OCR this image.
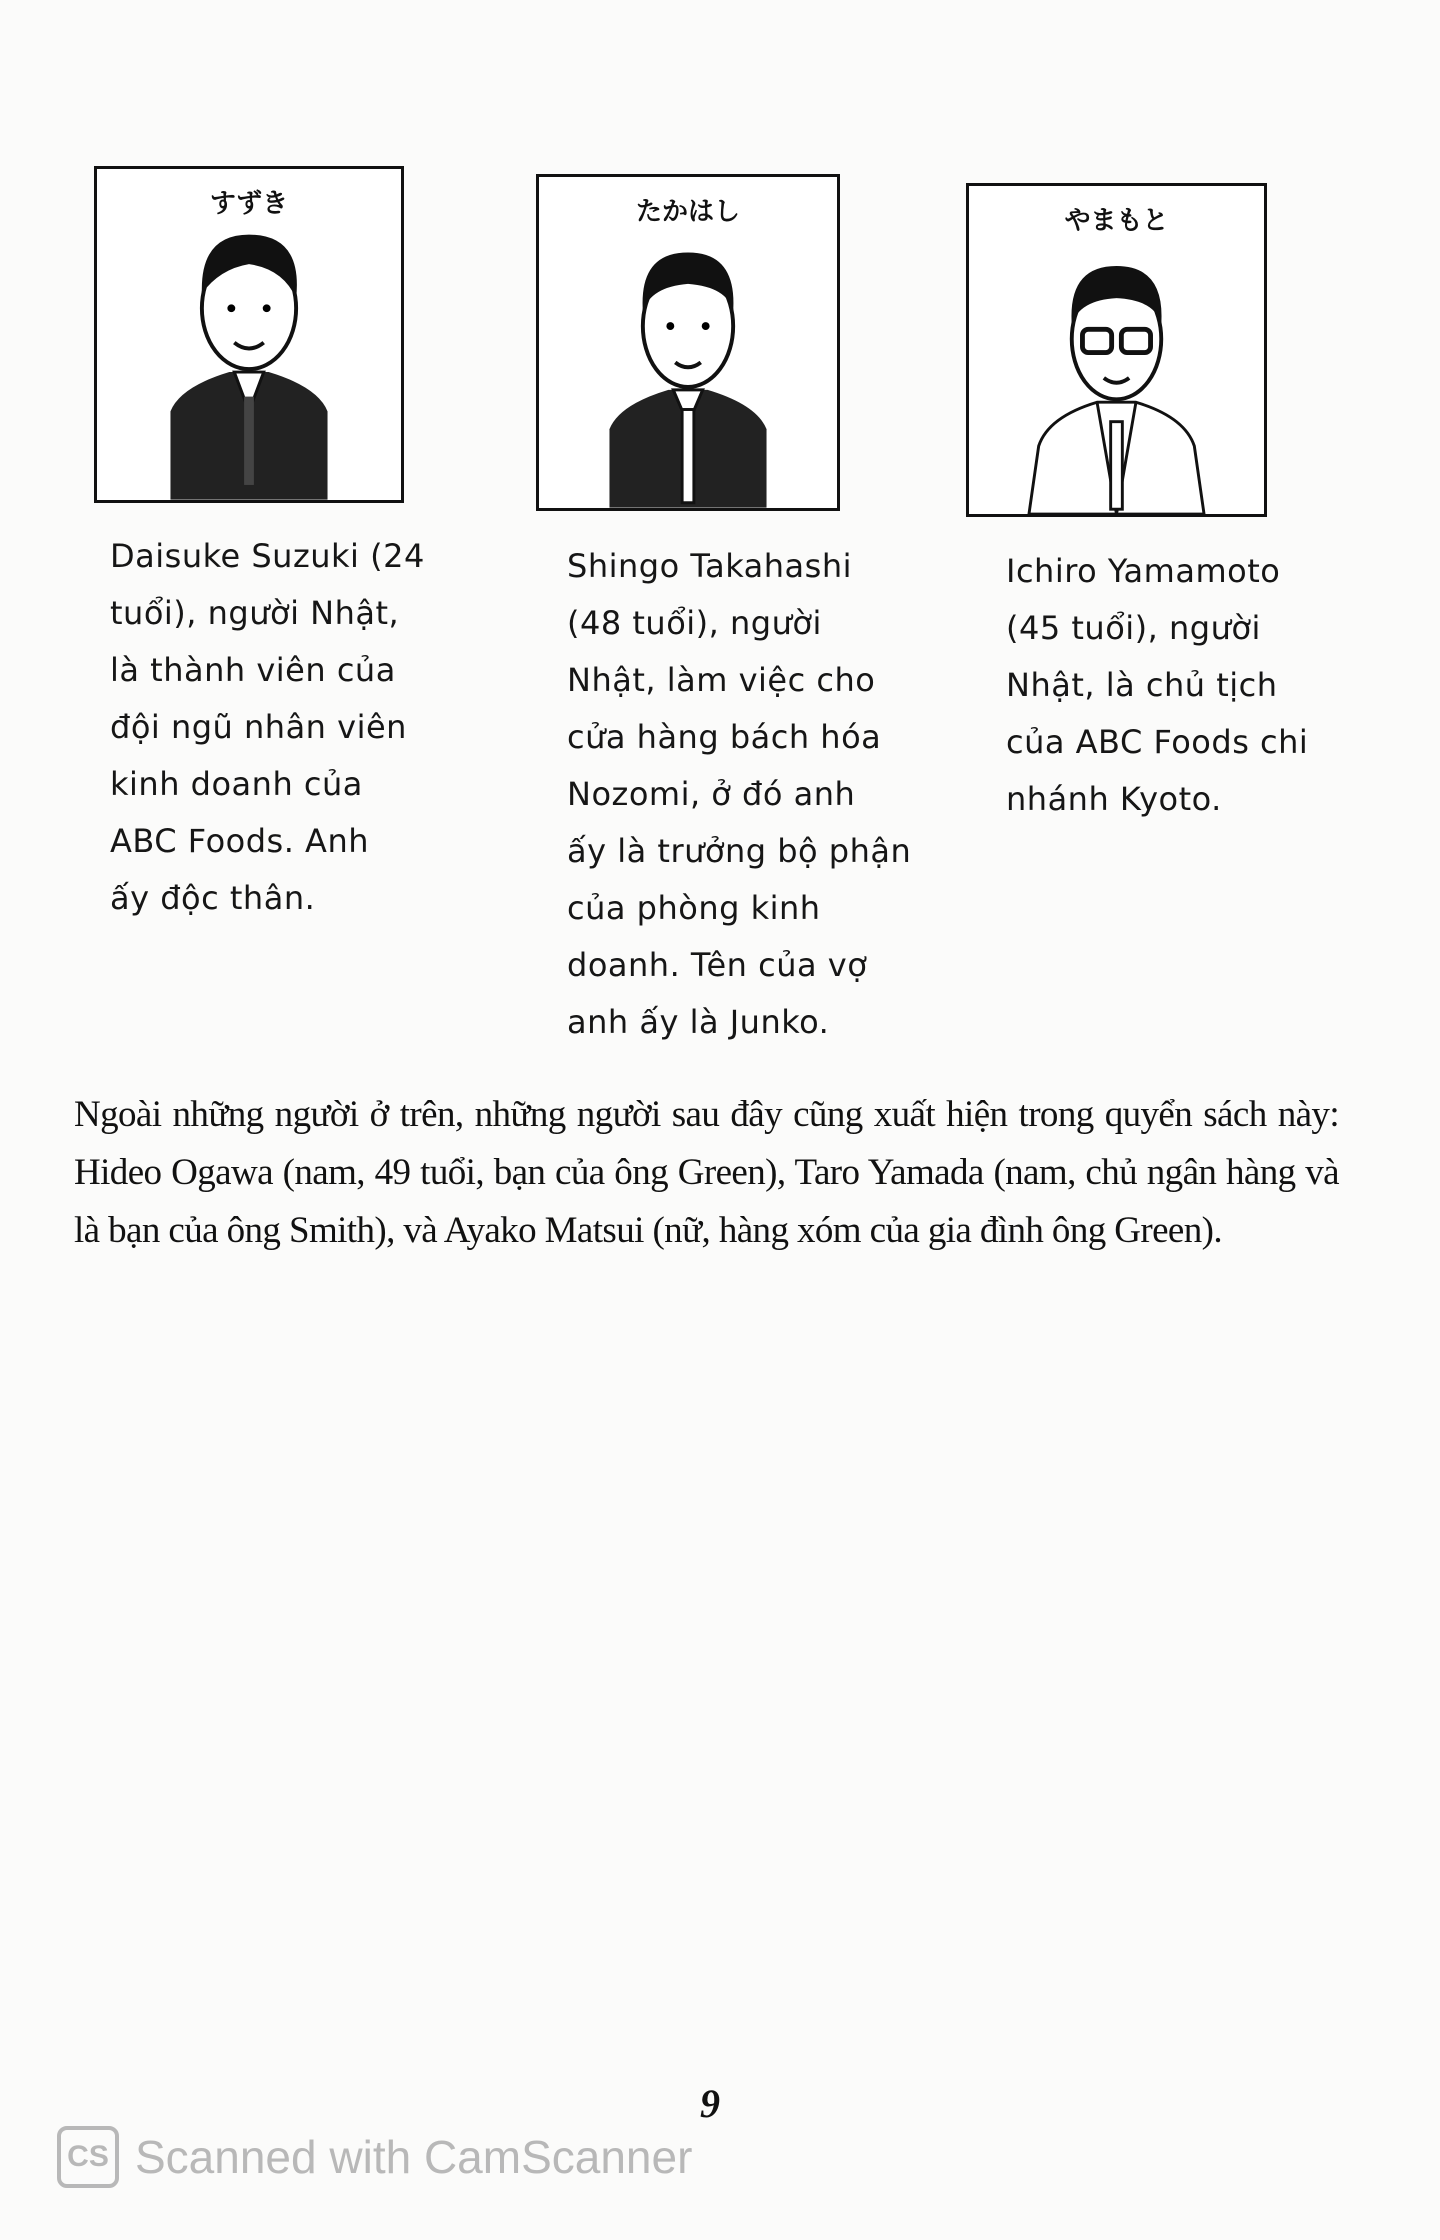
すずき	たかはし	やまもと
Daisuke Suzuki (24
tuổi), người Nhật,
là thành viên của
đội ngũ nhân viên
kinh doanh của
ABC Foods. Anh
ấy độc thân.
Shingo Takahashi
(48 tuổi), người
Nhật, làm việc cho
cửa hàng bách hóa
Nozomi, ở đó anh
ấy là trưởng bộ phận
của phòng kinh
doanh. Tên của vợ
anh ấy là Junko.
Ichiro Yamamoto
(45 tuổi), người
Nhật, là chủ tịch
của ABC Foods chi
nhánh Kyoto.
Ngoài những người ở trên, những người sau đây cũng xuất hiện trong quyển sách này: Hideo Ogawa (nam, 49 tuổi, bạn của ông Green), Taro Yamada (nam, chủ ngân hàng và là bạn của ông Smith), và Ayako Matsui (nữ, hàng xóm của gia đình ông Green).
9
CS Scanned with CamScanner
